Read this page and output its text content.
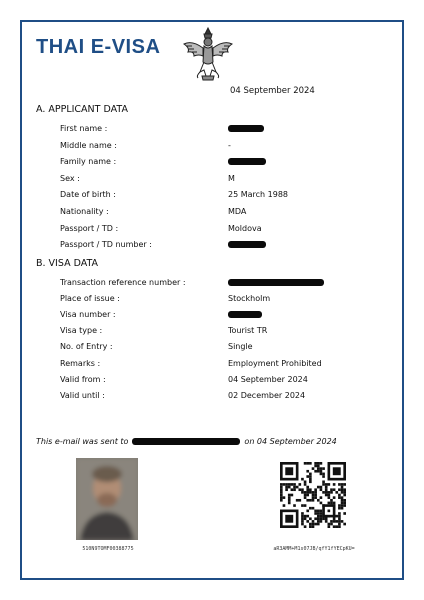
THAI E-VISA
04 September 2024
A. APPLICANT DATA
First name :
Middle name :	-
Family name :
Sex :	M
Date of birth :	25 March 1988
Nationality :	MDA
Passport / TD :	Moldova
Passport / TD number :
B. VISA DATA
Transaction reference number :
Place of issue :	Stockholm
Visa number :
Visa type :	Tourist TR
No. of Entry :	Single
Remarks :	Employment Prohibited
Valid from :	04 September 2024
Valid until :	02 December 2024
This e-mail was sent to	on 04 September 2024
510N9TOMF00388775	aR3AMM+M1s07JB/qfY1fYECpKU=
